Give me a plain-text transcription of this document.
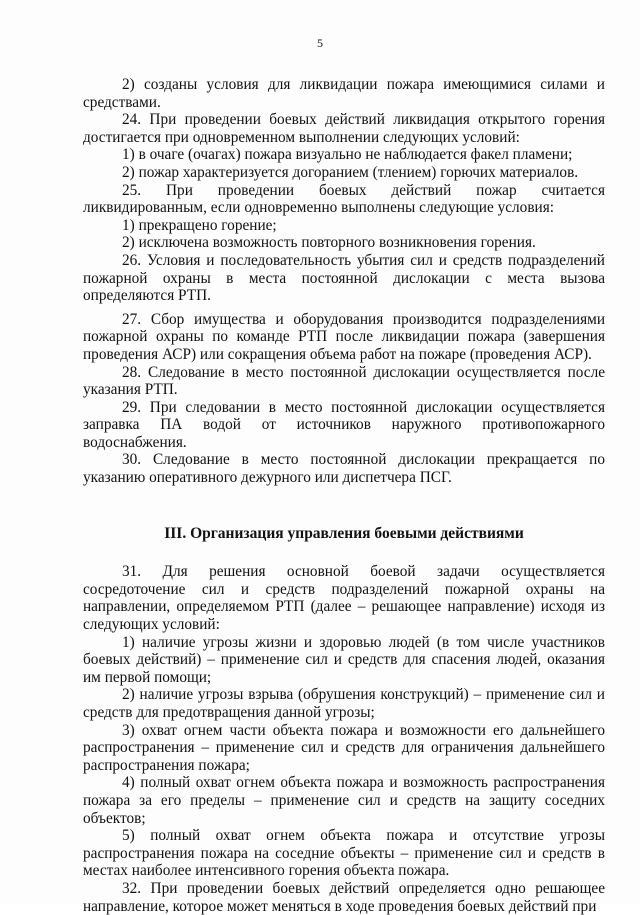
5

2) созданы условия для ликвидации пожара имеющимися силами и средствами.

24. При проведении боевых действий ликвидация открытого горения достигается при одновременном выполнении следующих условий:

1) в очаге (очагах) пожара визуально не наблюдается факел пламени;

2) пожар характеризуется догоранием (тлением) горючих материалов.

25. При проведении боевых действий пожар считается ликвидированным, если одновременно выполнены следующие условия:

1) прекращено горение;

2) исключена возможность повторного возникновения горения.

26. Условия и последовательность убытия сил и средств подразделений пожарной охраны в места постоянной дислокации с места вызова определяются РТП.

27. Сбор имущества и оборудования производится подразделениями пожарной охраны по команде РТП после ликвидации пожара (завершения проведения АСР) или сокращения объема работ на пожаре (проведения АСР).

28. Следование в место постоянной дислокации осуществляется после указания РТП.

29. При следовании в место постоянной дислокации осуществляется заправка ПА водой от источников наружного противопожарного водоснабжения.

30. Следование в место постоянной дислокации прекращается по указанию оперативного дежурного или диспетчера ПСГ.

III. Организация управления боевыми действиями

31. Для решения основной боевой задачи осуществляется сосредоточение сил и средств подразделений пожарной охраны на направлении, определяемом РТП (далее – решающее направление) исходя из следующих условий:

1) наличие угрозы жизни и здоровью людей (в том числе участников боевых действий) – применение сил и средств для спасения людей, оказания им первой помощи;

2) наличие угрозы взрыва (обрушения конструкций) – применение сил и средств для предотвращения данной угрозы;

3) охват огнем части объекта пожара и возможности его дальнейшего распространения – применение сил и средств для ограничения дальнейшего распространения пожара;

4) полный охват огнем объекта пожара и возможность распространения пожара за его пределы – применение сил и средств на защиту соседних объектов;

5) полный охват огнем объекта пожара и отсутствие угрозы распространения пожара на соседние объекты – применение сил и средств в местах наиболее интенсивного горения объекта пожара.

32. При проведении боевых действий определяется одно решающее направление, которое может меняться в ходе проведения боевых действий при
